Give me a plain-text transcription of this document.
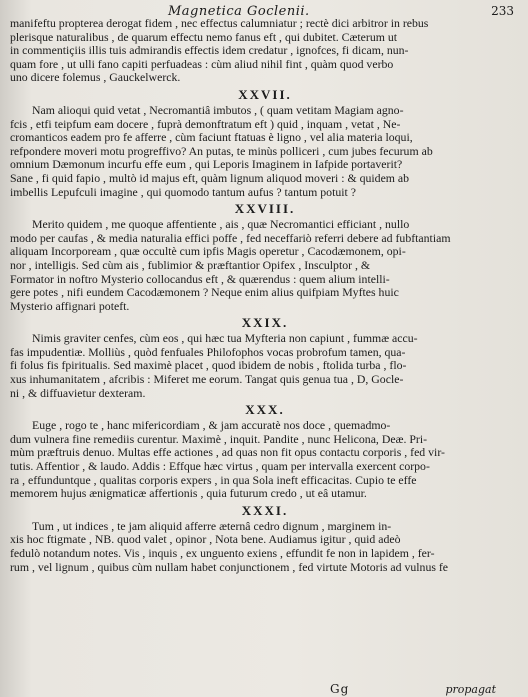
Magnetica Goclenii.	233
manifeftu propterea derogat fidem , nec effectus calumniatur ; rectè dici arbitror in rebus
plerisque naturalibus , de quarum effectu nemo fanus eft , qui dubitet. Cæterum ut
in commentiçiis illis tuis admirandis effectis idem credatur , ignofces, fi dicam, nun-
quam fore , ut ulli fano capiti perfuadeas : cùm aliud nihil fint , quàm quod verbo
uno dicere folemus , Gauckelwerck.
XXVII.
Nam alioqui quid vetat , Necromantiâ imbutos , ( quam vetitam Magiam agno-
fcis , etfi teipfum eam docere , fuprà demonftratum eft ) quid , inquam , vetat , Ne-
cromanticos eadem pro fe afferre , cùm faciunt ftatuas è ligno , vel alia materia loqui,
refpondere moveri motu progreffivo? An putas, te minùs polliceri , cum jubes fecurum ab
omnium Dæmonum incurfu effe eum , qui Leporis Imaginem in Iafpide portaverit?
Sane , fi quid fapio , multò id majus eft, quàm lignum aliquod moveri : & quidem ab
imbellis Lepufculi imagine , qui quomodo tantum aufus ? tantum potuit ?
XXVIII.
Merito quidem , me quoque affentiente , ais , quæ Necromantici efficiant , nullo
modo per caufas , & media naturalia effici poffe , fed neceffariò referri debere ad fubftantiam
aliquam Incorpoream , quæ occultè cum ipfis Magis operetur , Cacodæmonem, opi-
nor , intelligis. Sed cùm ais , fublimior & præftantior Opifex , Insculptor , &
Formator in noftro Mysterio collocandus eft , & quærendus : quem alium intelli-
gere potes , nifi eundem Cacodæmonem ? Neque enim alius quifpiam Myftes huic
Mysterio affignari poteft.
XXIX.
Nimis graviter cenfes, cùm eos , qui hæc tua Myfteria non capiunt , fummæ accu-
fas impudentiæ. Molliùs , quòd fenfuales Philofophos vocas probrofum tamen, qua-
fi folus fis fpiritualis. Sed maximè placet , quod ibidem de nobis , ftolida turba , flo-
xus inhumanitatem , afcribis : Miferet me eorum. Tangat quis genua tua , D, Gocle-
ni , & diffuavietur dexteram.
XXX.
Euge , rogo te , hanc mifericordiam , & jam accuratè nos doce , quemadmo-
dum vulnera fine remediis curentur. Maximè , inquit. Pandite , nunc Helicona, Deæ. Pri-
mùm præftruis denuo. Multas effe actiones , ad quas non fit opus contactu corporis , fed vir-
tutis. Affentior , & laudo. Addis : Effque hæc virtus , quam per intervalla exercent corpo-
ra , effunduntque , qualitas corporis expers , in qua Sola ineft efficacitas. Cupio te effe
memorem hujus ænigmaticæ affertionis , quia futurum credo , ut eâ utamur.
XXXI.
Tum , ut indices , te jam aliquid afferre æternâ cedro dignum , marginem in-
xis hoc ftigmate , NB. quod valet , opinor , Nota bene. Audiamus igitur , quid adeò
fedulò notandum notes. Vis , inquis , ex unguento exiens , effundit fe non in lapidem , fer-
rum , vel lignum , quibus cùm nullam habet conjunctionem , fed virtute Motoris ad vulnus fe
Gg	propagat
